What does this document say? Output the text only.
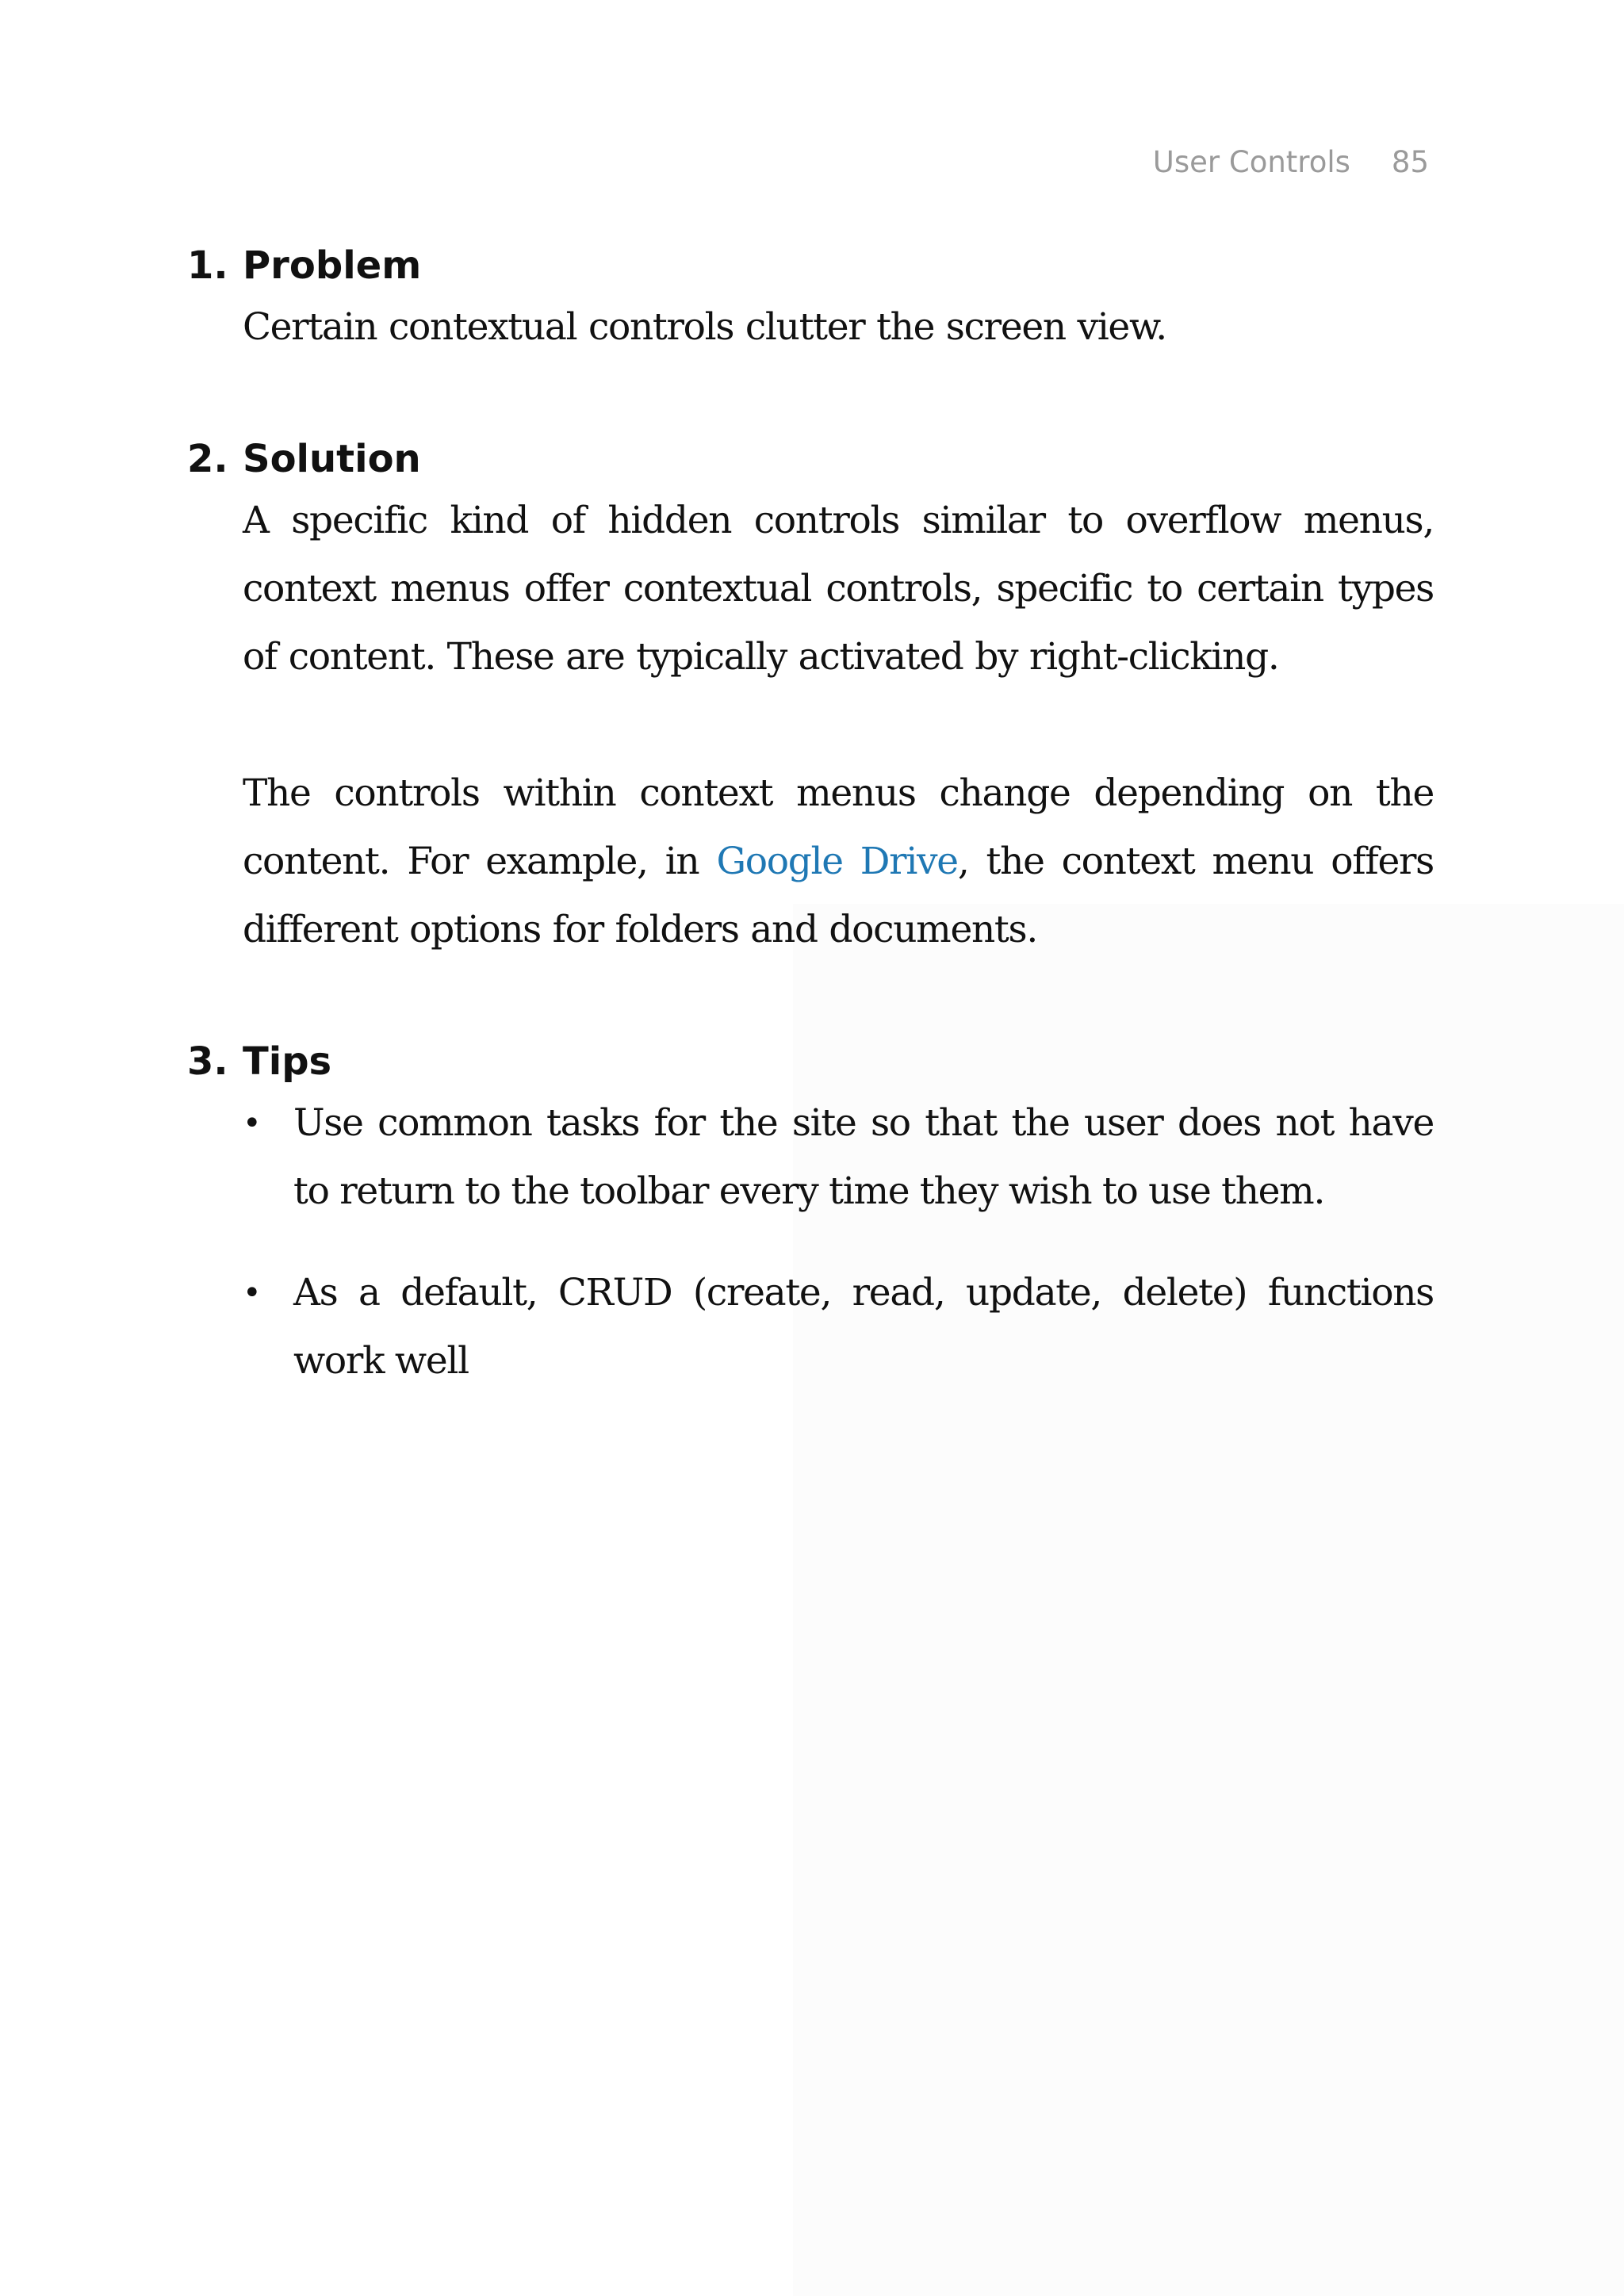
User Controls 85
1. Problem

Certain contextual controls clutter the screen view.

2. Solution

A specific kind of hidden controls similar to overflow menus, context menus offer contextual controls, specific to certain types of content. These are typically activated by right-clicking.

The controls within context menus change depending on the content. For example, in Google Drive, the context menu offers different options for folders and documents.

3. Tips
• Use common tasks for the site so that the user does not have to return to the toolbar every time they wish to use them.
• As a default, CRUD (create, read, update, delete) functions work well
